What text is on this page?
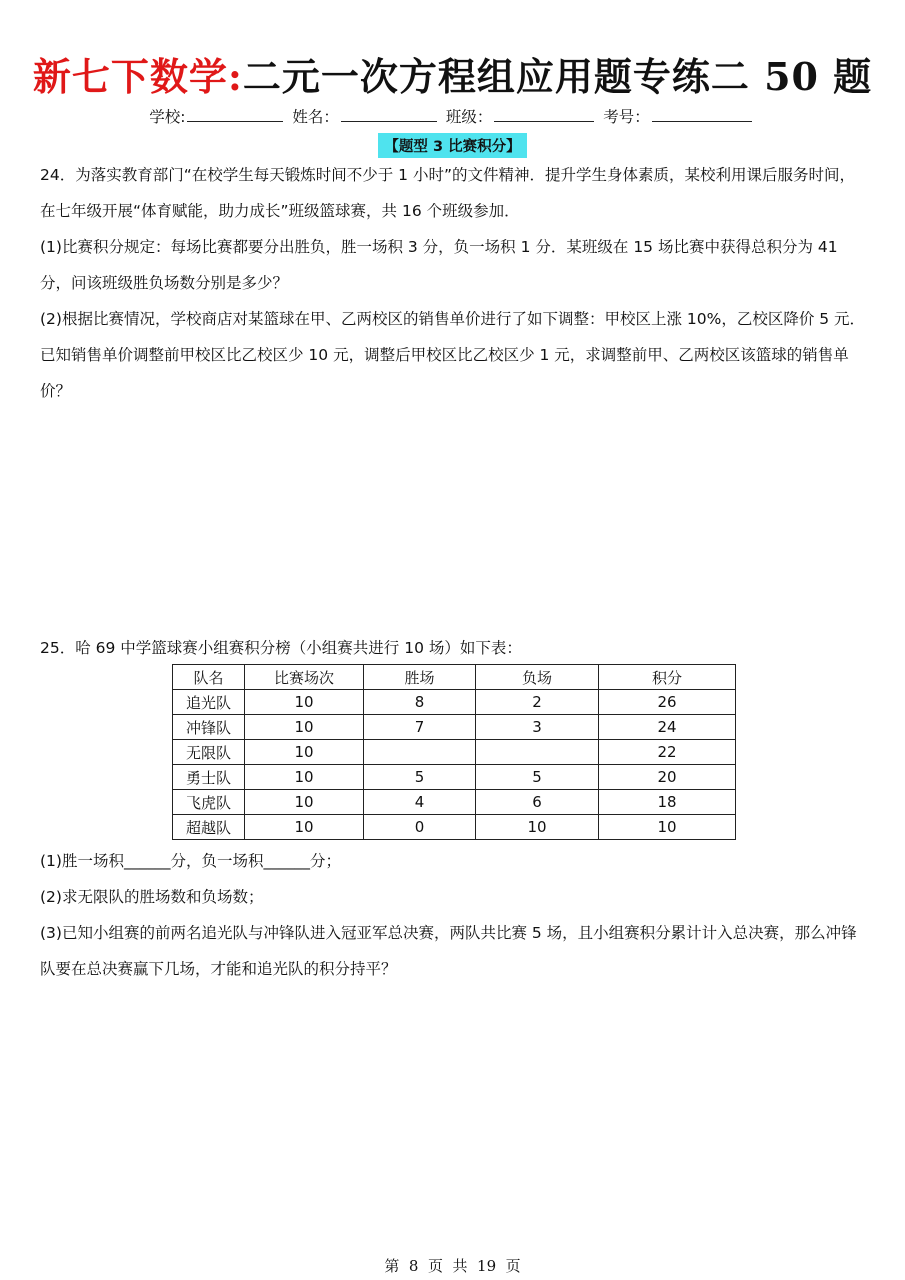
新七下数学:二元一次方程组应用题专练二 50 题
学校:	姓名：	班级：	考号：
【题型 3 比赛积分】

24．为落实教育部门“在校学生每天锻炼时间不少于 1 小时”的文件精神．提升学生身体素质，某校利用课后服务时间，在七年级开展“体育赋能，助力成长”班级篮球赛，共 16 个班级参加．

(1)比赛积分规定：每场比赛都要分出胜负，胜一场积 3 分，负一场积 1 分．某班级在 15 场比赛中获得总积分为 41 分，问该班级胜负场数分别是多少？

(2)根据比赛情况，学校商店对某篮球在甲、乙两校区的销售单价进行了如下调整：甲校区上涨 10%，乙校区降价 5 元．已知销售单价调整前甲校区比乙校区少 10 元，调整后甲校区比乙校区少 1 元，求调整前甲、乙两校区该篮球的销售单价？

25．哈 69 中学篮球赛小组赛积分榜（小组赛共进行 10 场）如下表：

队名	比赛场次	胜场	负场	积分
追光队	10	8	2	26
冲锋队	10	7	3	24
无限队	10			22
勇士队	10	5	5	20
飞虎队	10	4	6	18
超越队	10	0	10	10

(1)胜一场积______分，负一场积______分；

(2)求无限队的胜场数和负场数；

(3)已知小组赛的前两名追光队与冲锋队进入冠亚军总决赛，两队共比赛 5 场，且小组赛积分累计计入总决赛，那么冲锋队要在总决赛赢下几场，才能和追光队的积分持平？

第  8  页  共  19  页
